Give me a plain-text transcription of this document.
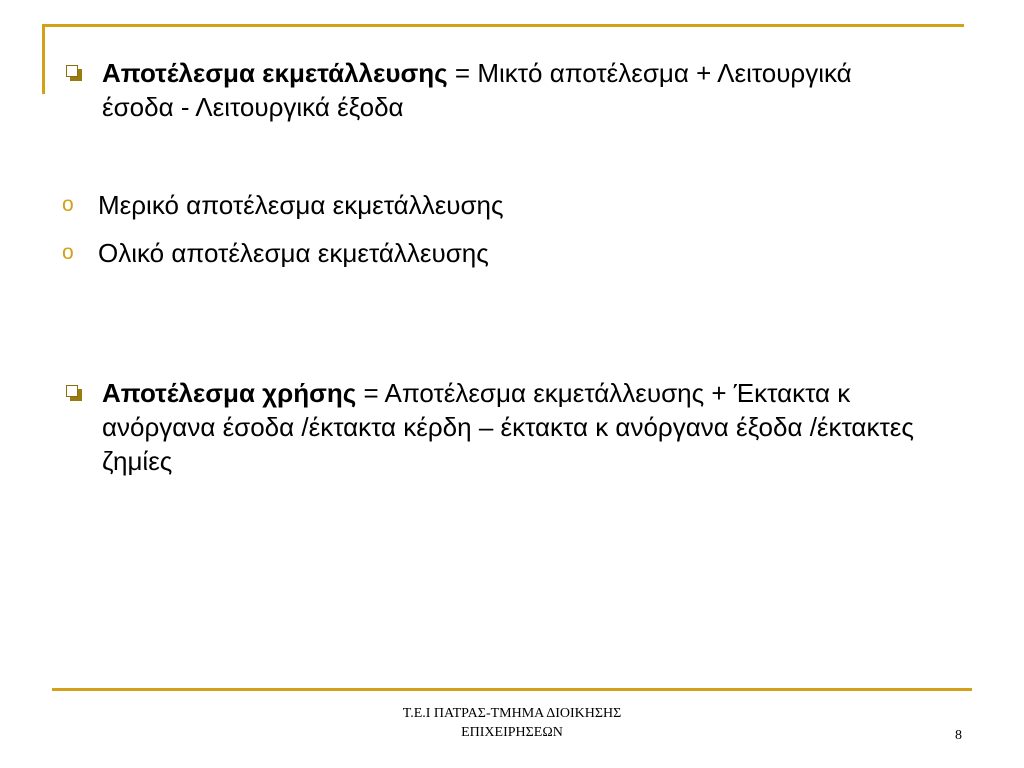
Αποτέλεσμα εκμετάλλευσης = Μικτό αποτέλεσμα + Λειτουργικά έσοδα - Λειτουργικά έξοδα
o Μερικό αποτέλεσμα εκμετάλλευσης
o Ολικό αποτέλεσμα εκμετάλλευσης
Αποτέλεσμα χρήσης = Αποτέλεσμα εκμετάλλευσης + Έκτακτα κ ανόργανα έσοδα /έκτακτα κέρδη – έκτακτα κ ανόργανα έξοδα /έκτακτες ζημίες
Τ.Ε.Ι ΠΑΤΡΑΣ-ΤΜΗΜΑ ΔΙΟΙΚΗΣΗΣ
ΕΠΙΧΕΙΡΗΣΕΩΝ	8
